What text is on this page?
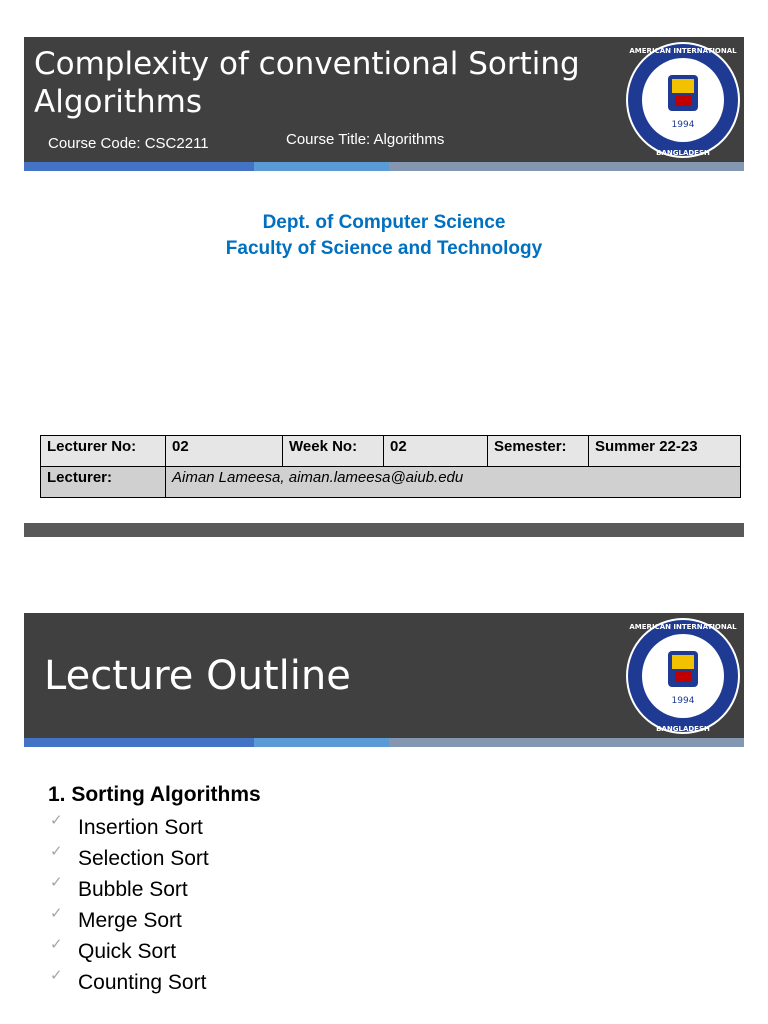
Complexity of conventional Sorting Algorithms
Course Code: CSC2211	Course Title: Algorithms
1994
AMERICAN INTERNATIONAL
BANGLADESH
Dept. of Computer Science
Faculty of Science and Technology
Lecturer No:	02	Week No:	02	Semester:	Summer 22-23
Lecturer:	Aiman Lameesa, aiman.lameesa@aiub.edu				
Lecture Outline
1994
AMERICAN INTERNATIONAL
BANGLADESH
1. Sorting Algorithms
✓ Insertion Sort
✓ Selection Sort
✓ Bubble Sort
✓ Merge Sort
✓ Quick Sort
✓ Counting Sort
